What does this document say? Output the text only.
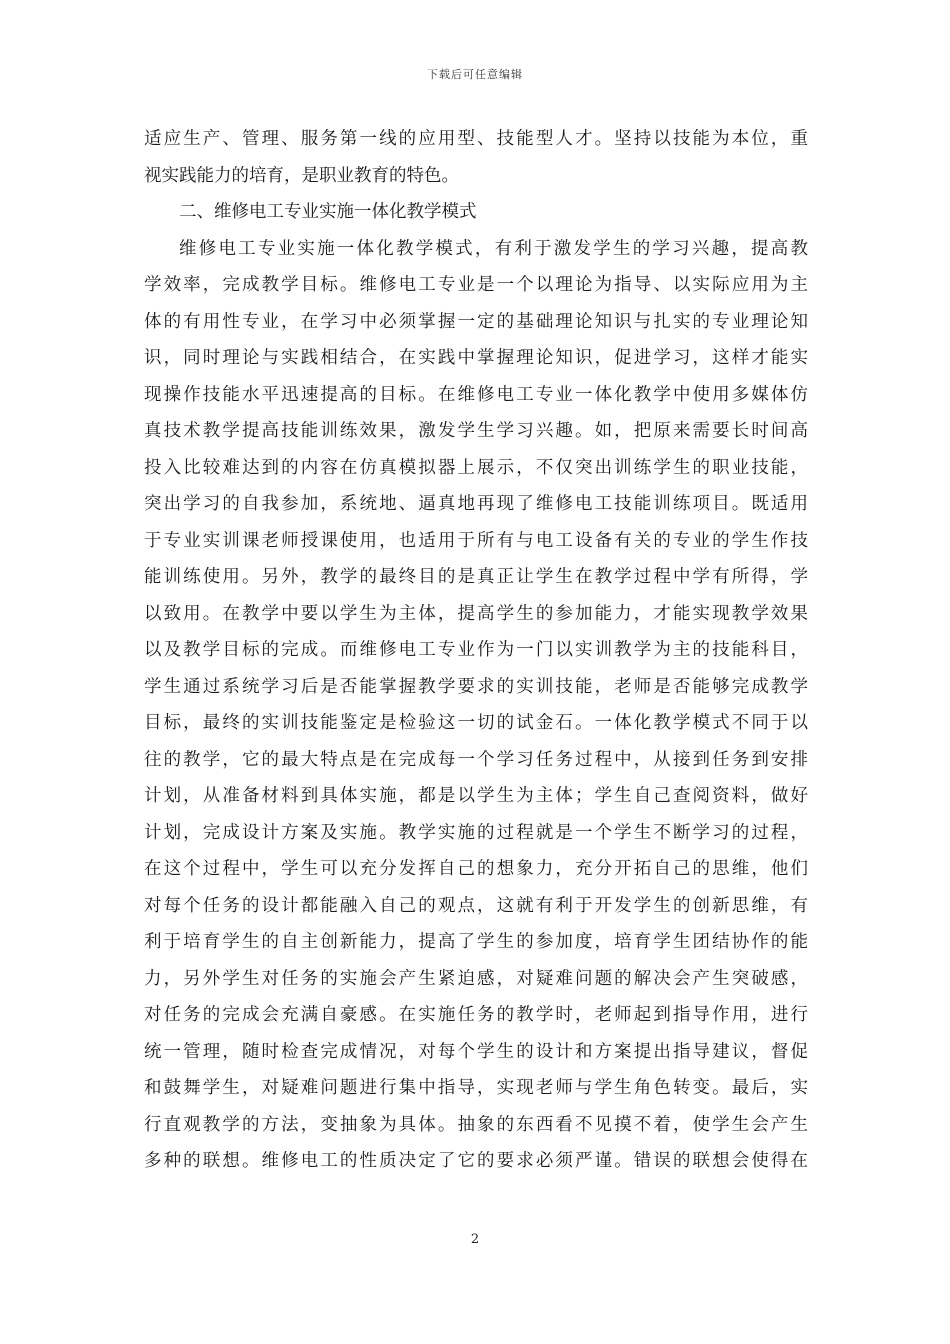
下载后可任意编辑
适应生产、管理、服务第一线的应用型、技能型人才。坚持以技能为本位，重
视实践能力的培育，是职业教育的特色。
二、维修电工专业实施一体化教学模式
维修电工专业实施一体化教学模式，有利于激发学生的学习兴趣，提高教
学效率，完成教学目标。维修电工专业是一个以理论为指导、以实际应用为主
体的有用性专业，在学习中必须掌握一定的基础理论知识与扎实的专业理论知
识，同时理论与实践相结合，在实践中掌握理论知识，促进学习，这样才能实
现操作技能水平迅速提高的目标。在维修电工专业一体化教学中使用多媒体仿
真技术教学提高技能训练效果，激发学生学习兴趣。如，把原来需要长时间高
投入比较难达到的内容在仿真模拟器上展示，不仅突出训练学生的职业技能，
突出学习的自我参加，系统地、逼真地再现了维修电工技能训练项目。既适用
于专业实训课老师授课使用，也适用于所有与电工设备有关的专业的学生作技
能训练使用。另外，教学的最终目的是真正让学生在教学过程中学有所得，学
以致用。在教学中要以学生为主体，提高学生的参加能力，才能实现教学效果
以及教学目标的完成。而维修电工专业作为一门以实训教学为主的技能科目，
学生通过系统学习后是否能掌握教学要求的实训技能，老师是否能够完成教学
目标，最终的实训技能鉴定是检验这一切的试金石。一体化教学模式不同于以
往的教学，它的最大特点是在完成每一个学习任务过程中，从接到任务到安排
计划，从准备材料到具体实施，都是以学生为主体；学生自己查阅资料，做好
计划，完成设计方案及实施。教学实施的过程就是一个学生不断学习的过程，
在这个过程中，学生可以充分发挥自己的想象力，充分开拓自己的思维，他们
对每个任务的设计都能融入自己的观点，这就有利于开发学生的创新思维，有
利于培育学生的自主创新能力，提高了学生的参加度，培育学生团结协作的能
力，另外学生对任务的实施会产生紧迫感，对疑难问题的解决会产生突破感，
对任务的完成会充满自豪感。在实施任务的教学时，老师起到指导作用，进行
统一管理，随时检查完成情况，对每个学生的设计和方案提出指导建议，督促
和鼓舞学生，对疑难问题进行集中指导，实现老师与学生角色转变。最后，实
行直观教学的方法，变抽象为具体。抽象的东西看不见摸不着，使学生会产生
多种的联想。维修电工的性质决定了它的要求必须严谨。错误的联想会使得在
2
